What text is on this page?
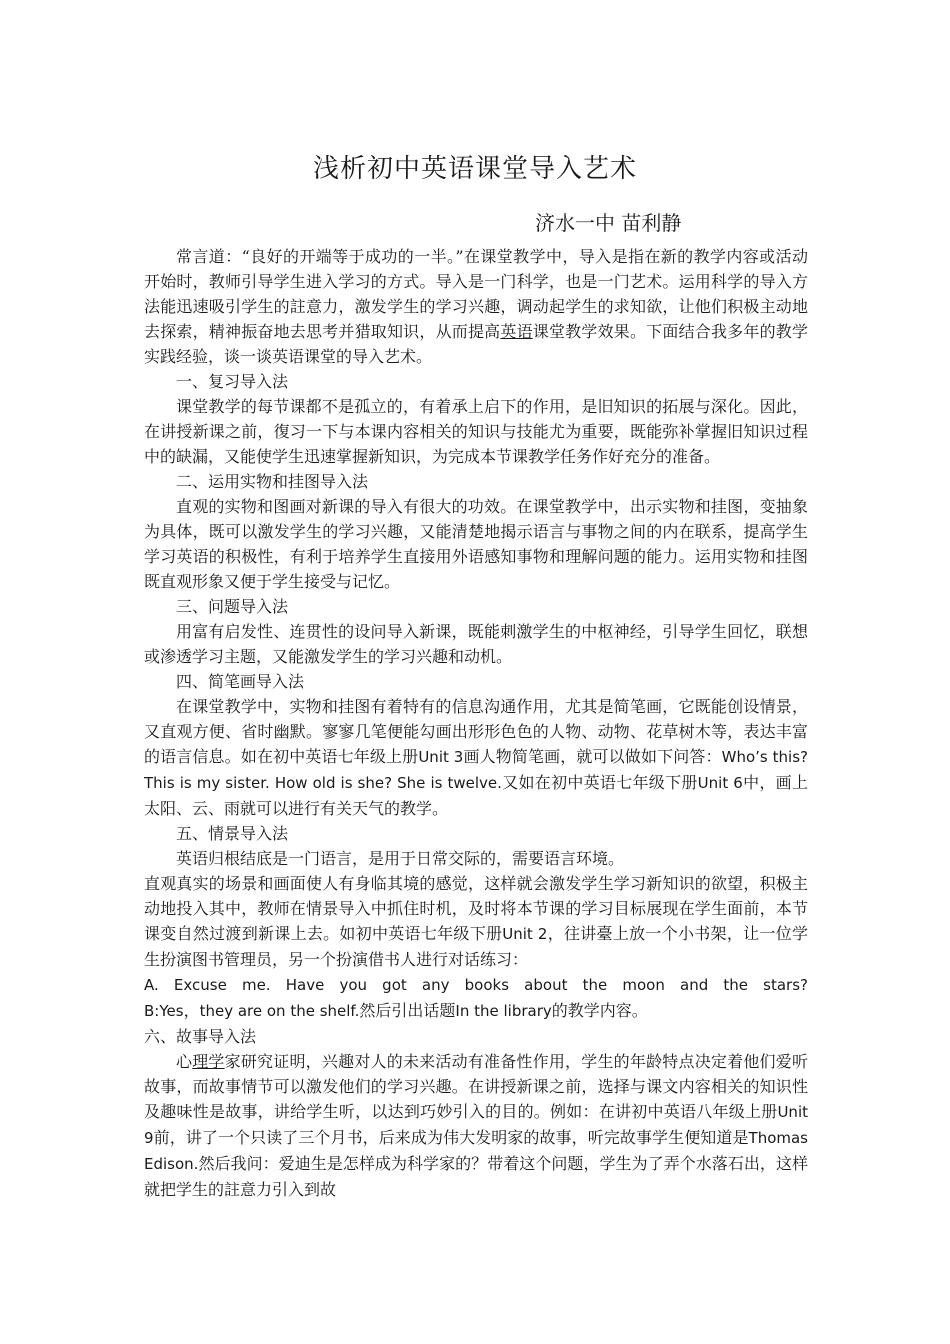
浅析初中英语课堂导入艺术
济水一中 苗利静

常言道：“良好的开端等于成功的一半。”在课堂教学中，导入是指在新的教学内容或活动开始时，教师引导学生进入学习的方式。导入是一门科学，也是一门艺术。运用科学的导入方法能迅速吸引学生的註意力，激发学生的学习兴趣，调动起学生的求知欲，让他们积极主动地去探索，精神振奋地去思考并猎取知识，从而提高英语课堂教学效果。下面结合我多年的教学实践经验，谈一谈英语课堂的导入艺术。

一、复习导入法

课堂教学的每节课都不是孤立的，有着承上启下的作用，是旧知识的拓展与深化。因此，在讲授新课之前，復习一下与本课内容相关的知识与技能尤为重要，既能弥补掌握旧知识过程中的缺漏，又能使学生迅速掌握新知识，为完成本节课教学任务作好充分的准备。

二、运用实物和挂图导入法

直观的实物和图画对新课的导入有很大的功效。在课堂教学中，出示实物和挂图，变抽象为具体，既可以激发学生的学习兴趣，又能清楚地揭示语言与事物之间的内在联系，提高学生学习英语的积极性，有利于培养学生直接用外语感知事物和理解问题的能力。运用实物和挂图既直观形象又便于学生接受与记忆。

三、问题导入法

用富有启发性、连贯性的设问导入新课，既能刺激学生的中枢神经，引导学生回忆，联想或渗透学习主题，又能激发学生的学习兴趣和动机。

四、简笔画导入法

在课堂教学中，实物和挂图有着特有的信息沟通作用，尤其是简笔画，它既能创设情景，又直观方便、省时幽默。寥寥几笔便能勾画出形形色色的人物、动物、花草树木等，表达丰富的语言信息。如在初中英语七年级上册Unit 3画人物简笔画，就可以做如下问答：Who’s this? This is my sister. How old is she? She is twelve.又如在初中英语七年级下册Unit 6中，画上太阳、云、雨就可以进行有关天气的教学。

五、情景导入法

英语归根结底是一门语言，是用于日常交际的，需要语言环境。

直观真实的场景和画面使人有身临其境的感觉，这样就会激发学生学习新知识的欲望，积极主动地投入其中，教师在情景导入中抓住时机，及时将本节课的学习目标展现在学生面前，本节课变自然过渡到新课上去。如初中英语七年级下册Unit 2，往讲臺上放一个小书架，让一位学生扮演图书管理员，另一个扮演借书人进行对话练习：

A. Excuse me. Have you got any books about the moon and the stars?

B:Yes，they are on the shelf.然后引出话题In the library的教学内容。

六、故事导入法

心理学家研究证明，兴趣对人的未来活动有准备性作用，学生的年龄特点决定着他们爱听故事，而故事情节可以激发他们的学习兴趣。在讲授新课之前，选择与课文内容相关的知识性及趣味性是故事，讲给学生听，以达到巧妙引入的目的。例如：在讲初中英语八年级上册Unit 9前，讲了一个只读了三个月书，后来成为伟大发明家的故事，听完故事学生便知道是Thomas Edison.然后我问：爱迪生是怎样成为科学家的？带着这个问题，学生为了弄个水落石出，这样就把学生的註意力引入到故
